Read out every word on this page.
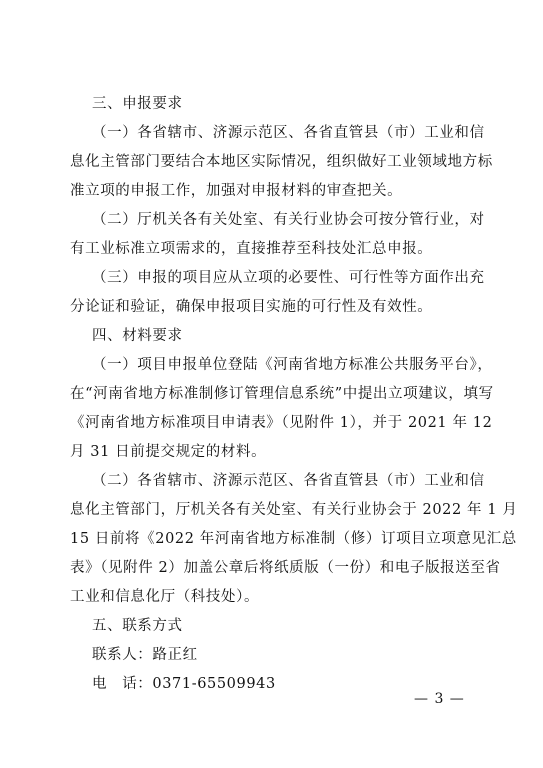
三、申报要求
（一）各省辖市、济源示范区、各省直管县（市）工业和信
息化主管部门要结合本地区实际情况，组织做好工业领域地方标
准立项的申报工作，加强对申报材料的审查把关。
（二）厅机关各有关处室、有关行业协会可按分管行业，对
有工业标准立项需求的，直接推荐至科技处汇总申报。
（三）申报的项目应从立项的必要性、可行性等方面作出充
分论证和验证，确保申报项目实施的可行性及有效性。
四、材料要求
（一）项目申报单位登陆《河南省地方标准公共服务平台》，
在“河南省地方标准制修订管理信息系统”中提出立项建议，填写
《河南省地方标准项目申请表》（见附件 1），并于 2021 年 12
月 31 日前提交规定的材料。
（二）各省辖市、济源示范区、各省直管县（市）工业和信
息化主管部门，厅机关各有关处室、有关行业协会于 2022 年 1 月
15 日前将《2022 年河南省地方标准制（修）订项目立项意见汇总
表》（见附件 2）加盖公章后将纸质版（一份）和电子版报送至省
工业和信息化厅（科技处）。
五、联系方式
联系人：路正红
电　话：0371-65509943
— 3 —
